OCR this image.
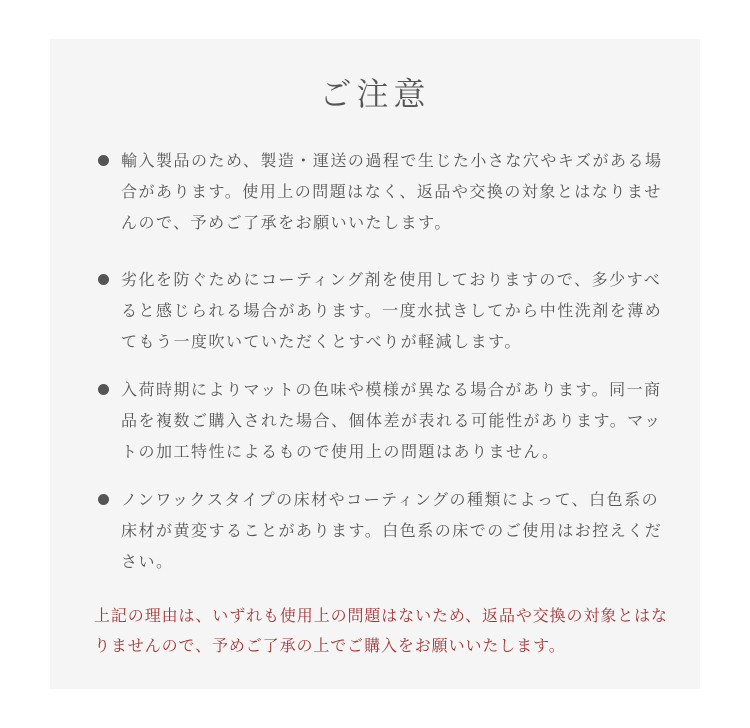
ご注意

輸入製品のため、製造・運送の過程で生じた小さな穴やキズがある場合があります。使用上の問題はなく、返品や交換の対象とはなりませんので、予めご了承をお願いいたします。

劣化を防ぐためにコーティング剤を使用しておりますので、多少すべると感じられる場合があります。一度水拭きしてから中性洗剤を薄めてもう一度吹いていただくとすべりが軽減します。

入荷時期によりマットの色味や模様が異なる場合があります。同一商品を複数ご購入された場合、個体差が表れる可能性があります。マットの加工特性によるもので使用上の問題はありません。

ノンワックスタイプの床材やコーティングの種類によって、白色系の床材が黄変することがあります。白色系の床でのご使用はお控えください。

上記の理由は、いずれも使用上の問題はないため、返品や交換の対象とはなりませんので、予めご了承の上でご購入をお願いいたします。
